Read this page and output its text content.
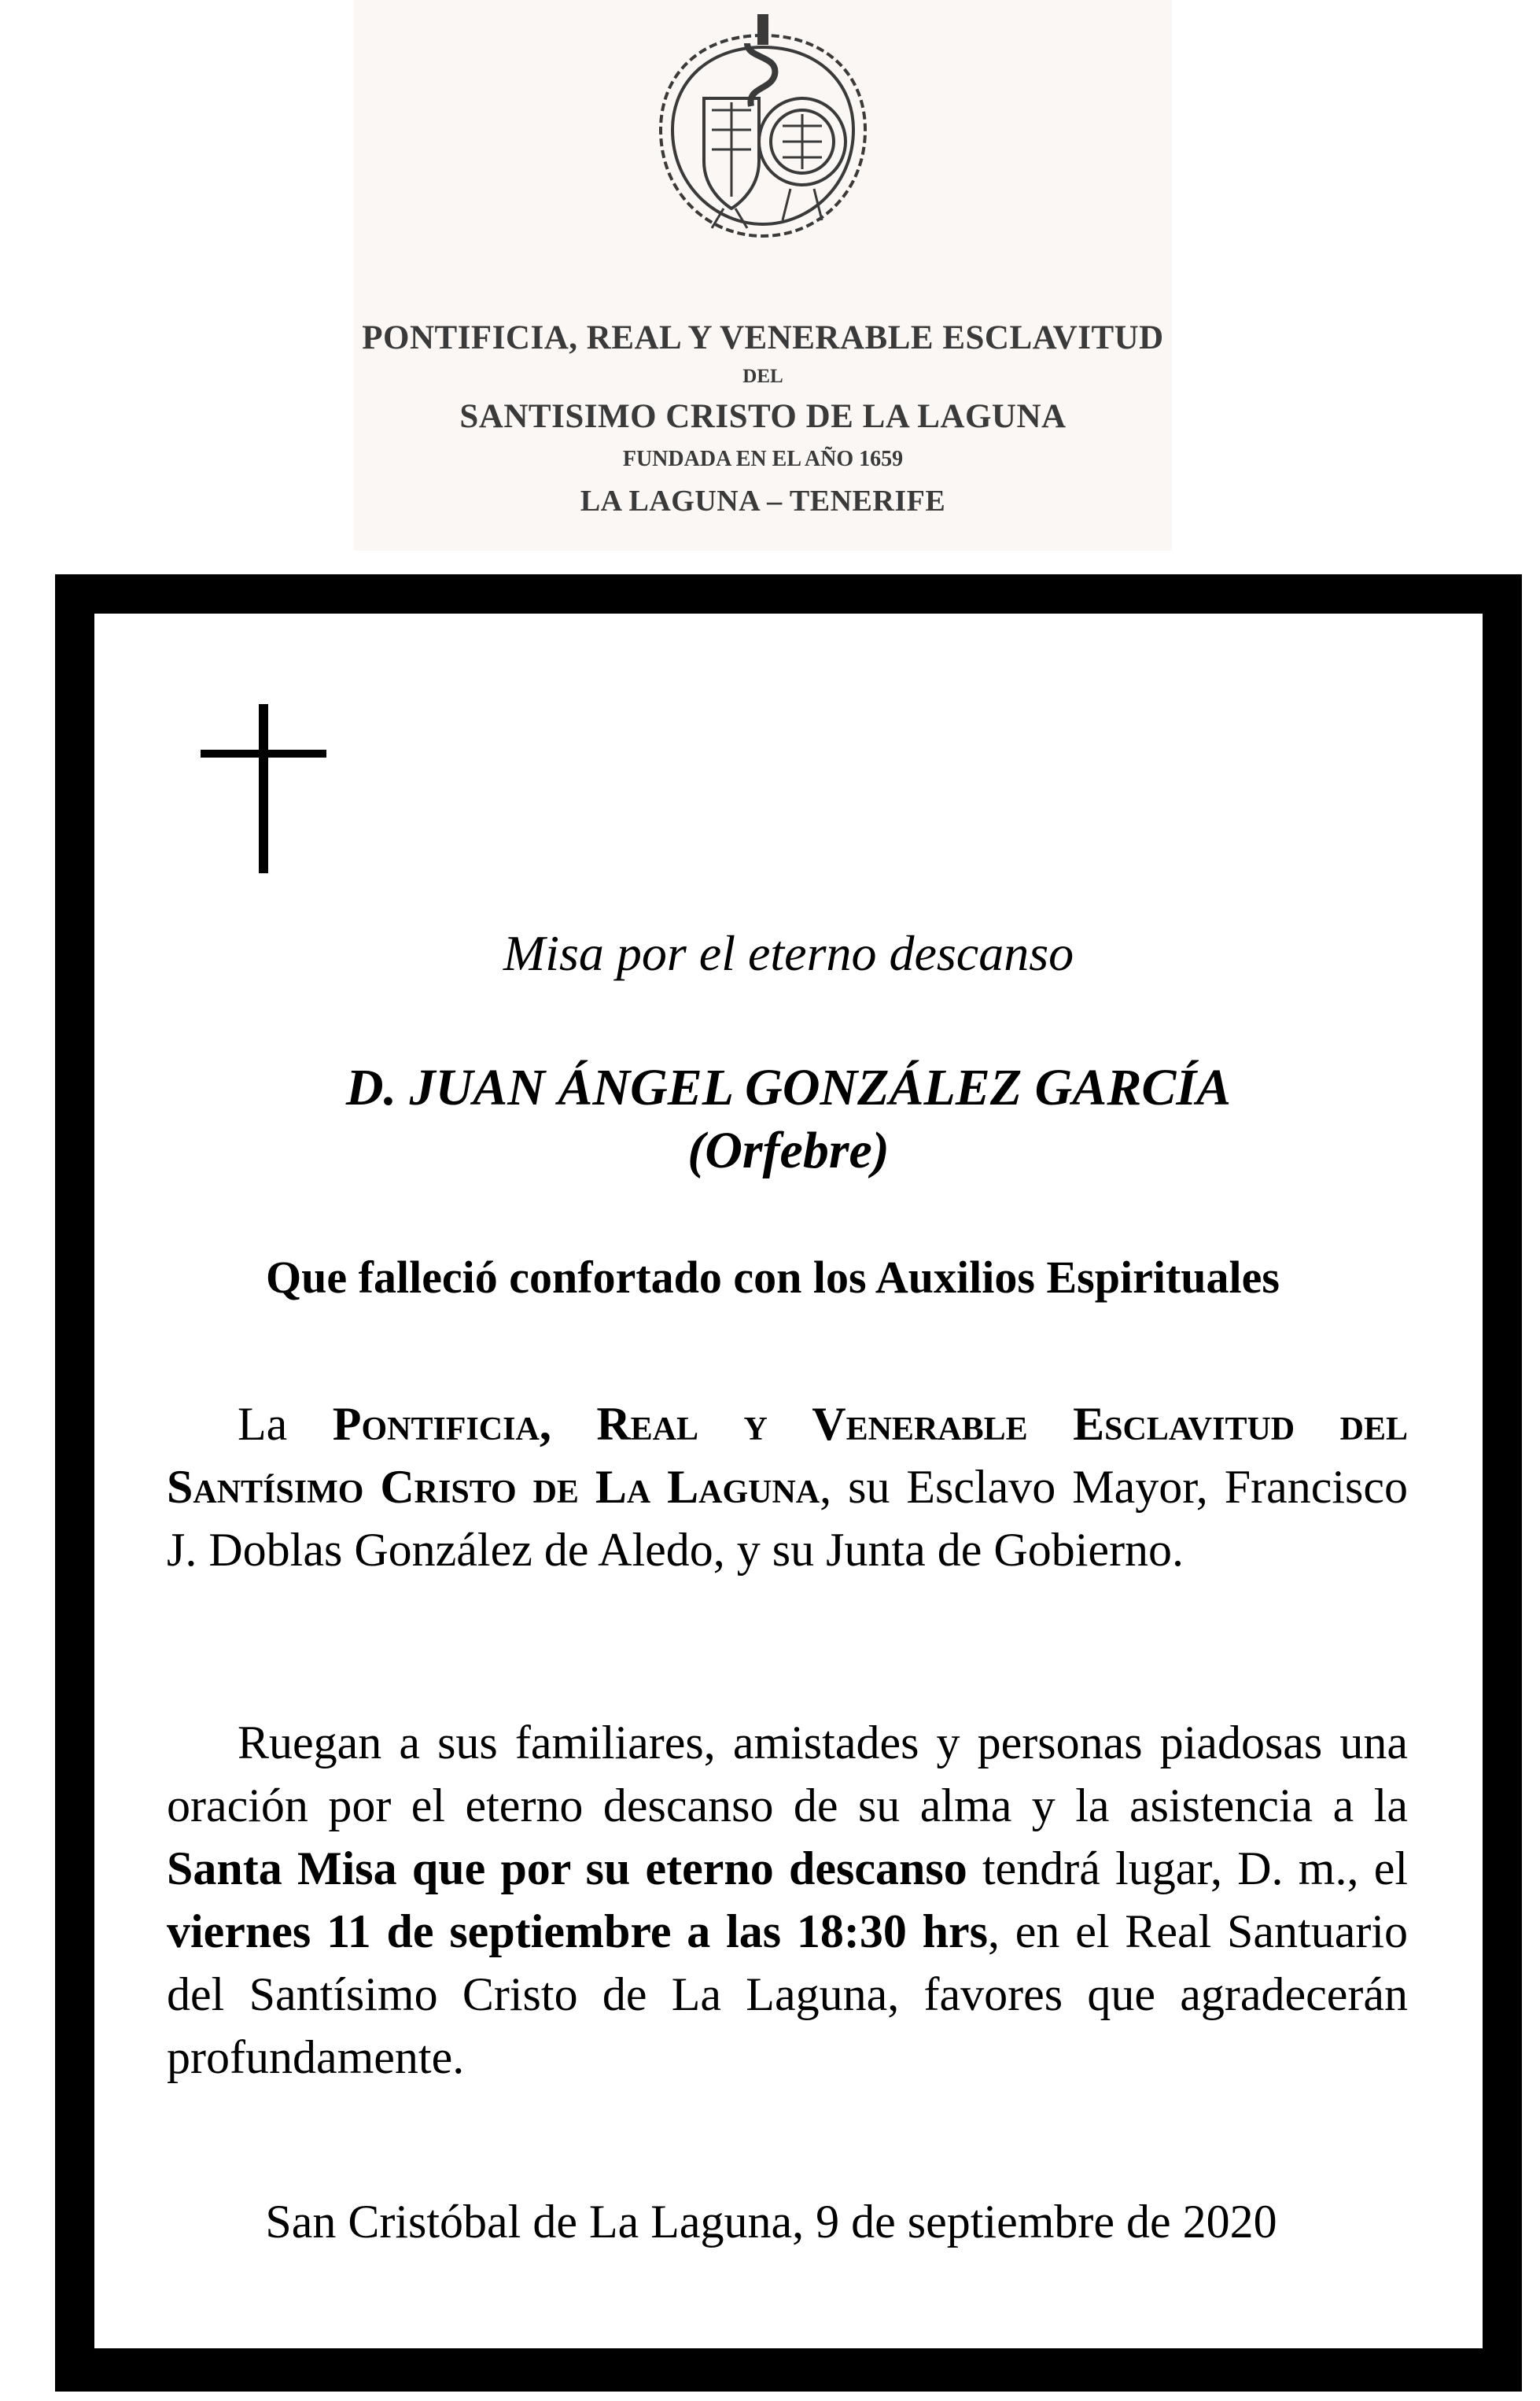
PONTIFICIA, REAL Y VENERABLE ESCLAVITUD
DEL
SANTISIMO CRISTO DE LA LAGUNA
FUNDADA EN EL AÑO 1659
LA LAGUNA – TENERIFE
Misa por el eterno descanso
D. JUAN ÁNGEL GONZÁLEZ GARCÍA
(Orfebre)
Que falleció confortado con los Auxilios Espirituales
La Pontificia, Real y Venerable Esclavitud del Santísimo Cristo de La Laguna, su Esclavo Mayor, Francisco J. Doblas González de Aledo, y su Junta de Gobierno.
Ruegan a sus familiares, amistades y personas piadosas una oración por el eterno descanso de su alma y la asistencia a la Santa Misa que por su eterno descanso tendrá lugar, D. m., el viernes 11 de septiembre a las 18:30 hrs, en el Real Santuario del Santísimo Cristo de La Laguna, favores que agradecerán profundamente.
San Cristóbal de La Laguna, 9 de septiembre de 2020
